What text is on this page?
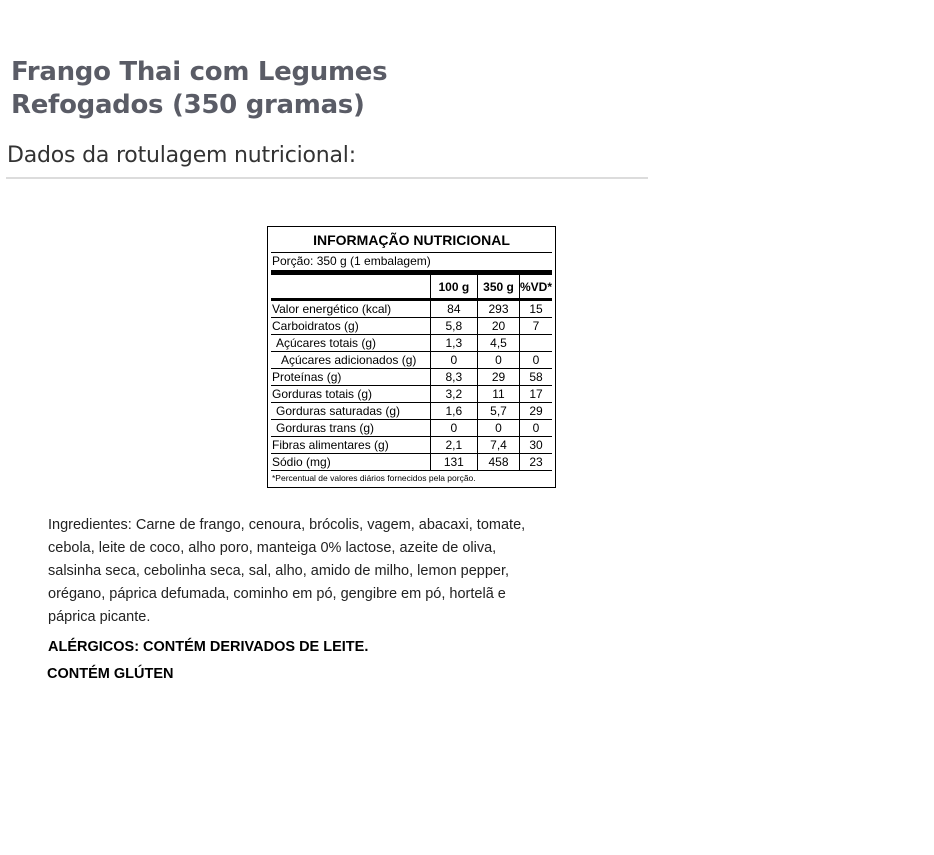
Frango Thai com Legumes Refogados (350 gramas)
Dados da rotulagem nutricional:
INFORMAÇÃO NUTRICIONAL
Porção: 350 g (1 embalagem)
	100 g	350 g	%VD*
Valor energético (kcal)	84	293	15
Carboidratos (g)	5,8	20	7
Açúcares totais (g)	1,3	4,5	
Açúcares adicionados (g)	0	0	0
Proteínas (g)	8,3	29	58
Gorduras totais (g)	3,2	11	17
Gorduras saturadas (g)	1,6	5,7	29
Gorduras trans (g)	0	0	0
Fibras alimentares (g)	2,1	7,4	30
Sódio (mg)	131	458	23
*Percentual de valores diários fornecidos pela porção.

Ingredientes: Carne de frango, cenoura, brócolis, vagem, abacaxi, tomate, cebola, leite de coco, alho poro, manteiga 0% lactose, azeite de oliva, salsinha seca, cebolinha seca, sal, alho, amido de milho, lemon pepper, orégano, páprica defumada, cominho em pó, gengibre em pó, hortelã e páprica picante.

ALÉRGICOS: CONTÉM DERIVADOS DE LEITE.

CONTÉM GLÚTEN
